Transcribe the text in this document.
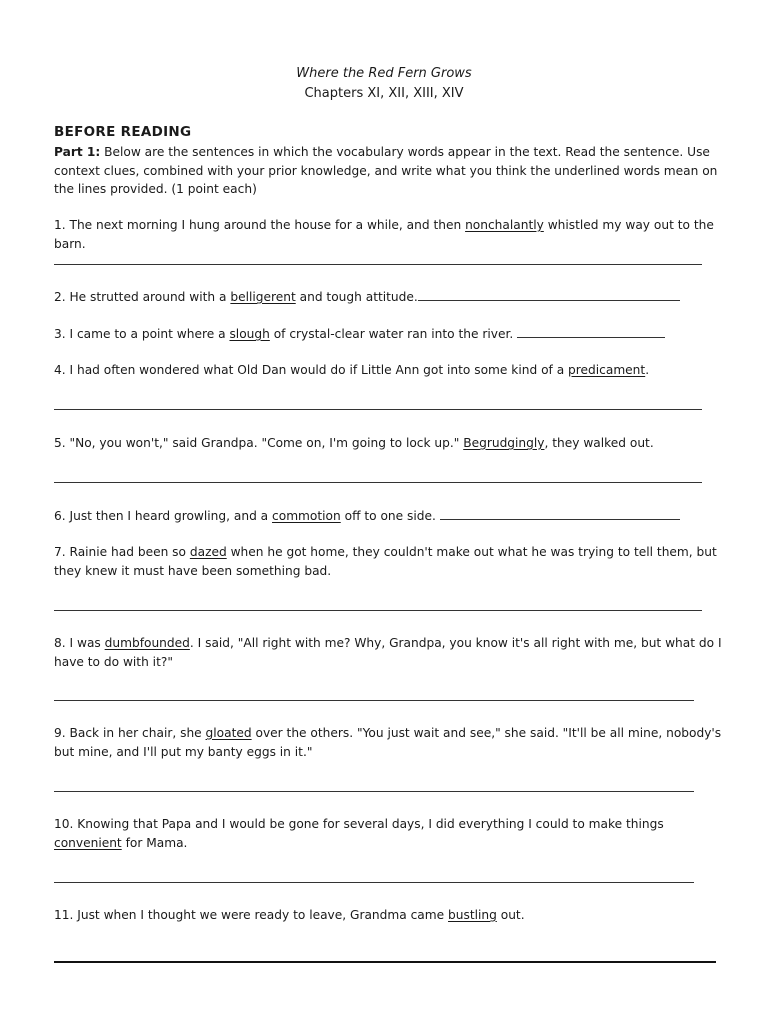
Where the Red Fern Grows
Chapters XI, XII, XIII, XIV
BEFORE READING
Part 1: Below are the sentences in which the vocabulary words appear in the text. Read the sentence. Use context clues, combined with your prior knowledge, and write what you think the underlined words mean on the lines provided. (1 point each)
1. The next morning I hung around the house for a while, and then nonchalantly whistled my way out to the barn.
2. He strutted around with a belligerent and tough attitude.
3. I came to a point where a slough of crystal-clear water ran into the river.
4. I had often wondered what Old Dan would do if Little Ann got into some kind of a predicament.
5. "No, you won't," said Grandpa. "Come on, I'm going to lock up." Begrudgingly, they walked out.
6. Just then I heard growling, and a commotion off to one side.
7. Rainie had been so dazed when he got home, they couldn't make out what he was trying to tell them, but they knew it must have been something bad.
8. I was dumbfounded. I said, "All right with me? Why, Grandpa, you know it's all right with me, but what do I have to do with it?"
9. Back in her chair, she gloated over the others. "You just wait and see," she said. "It'll be all mine, nobody's but mine, and I'll put my banty eggs in it."
10. Knowing that Papa and I would be gone for several days, I did everything I could to make things convenient for Mama.
11. Just when I thought we were ready to leave, Grandma came bustling out.
